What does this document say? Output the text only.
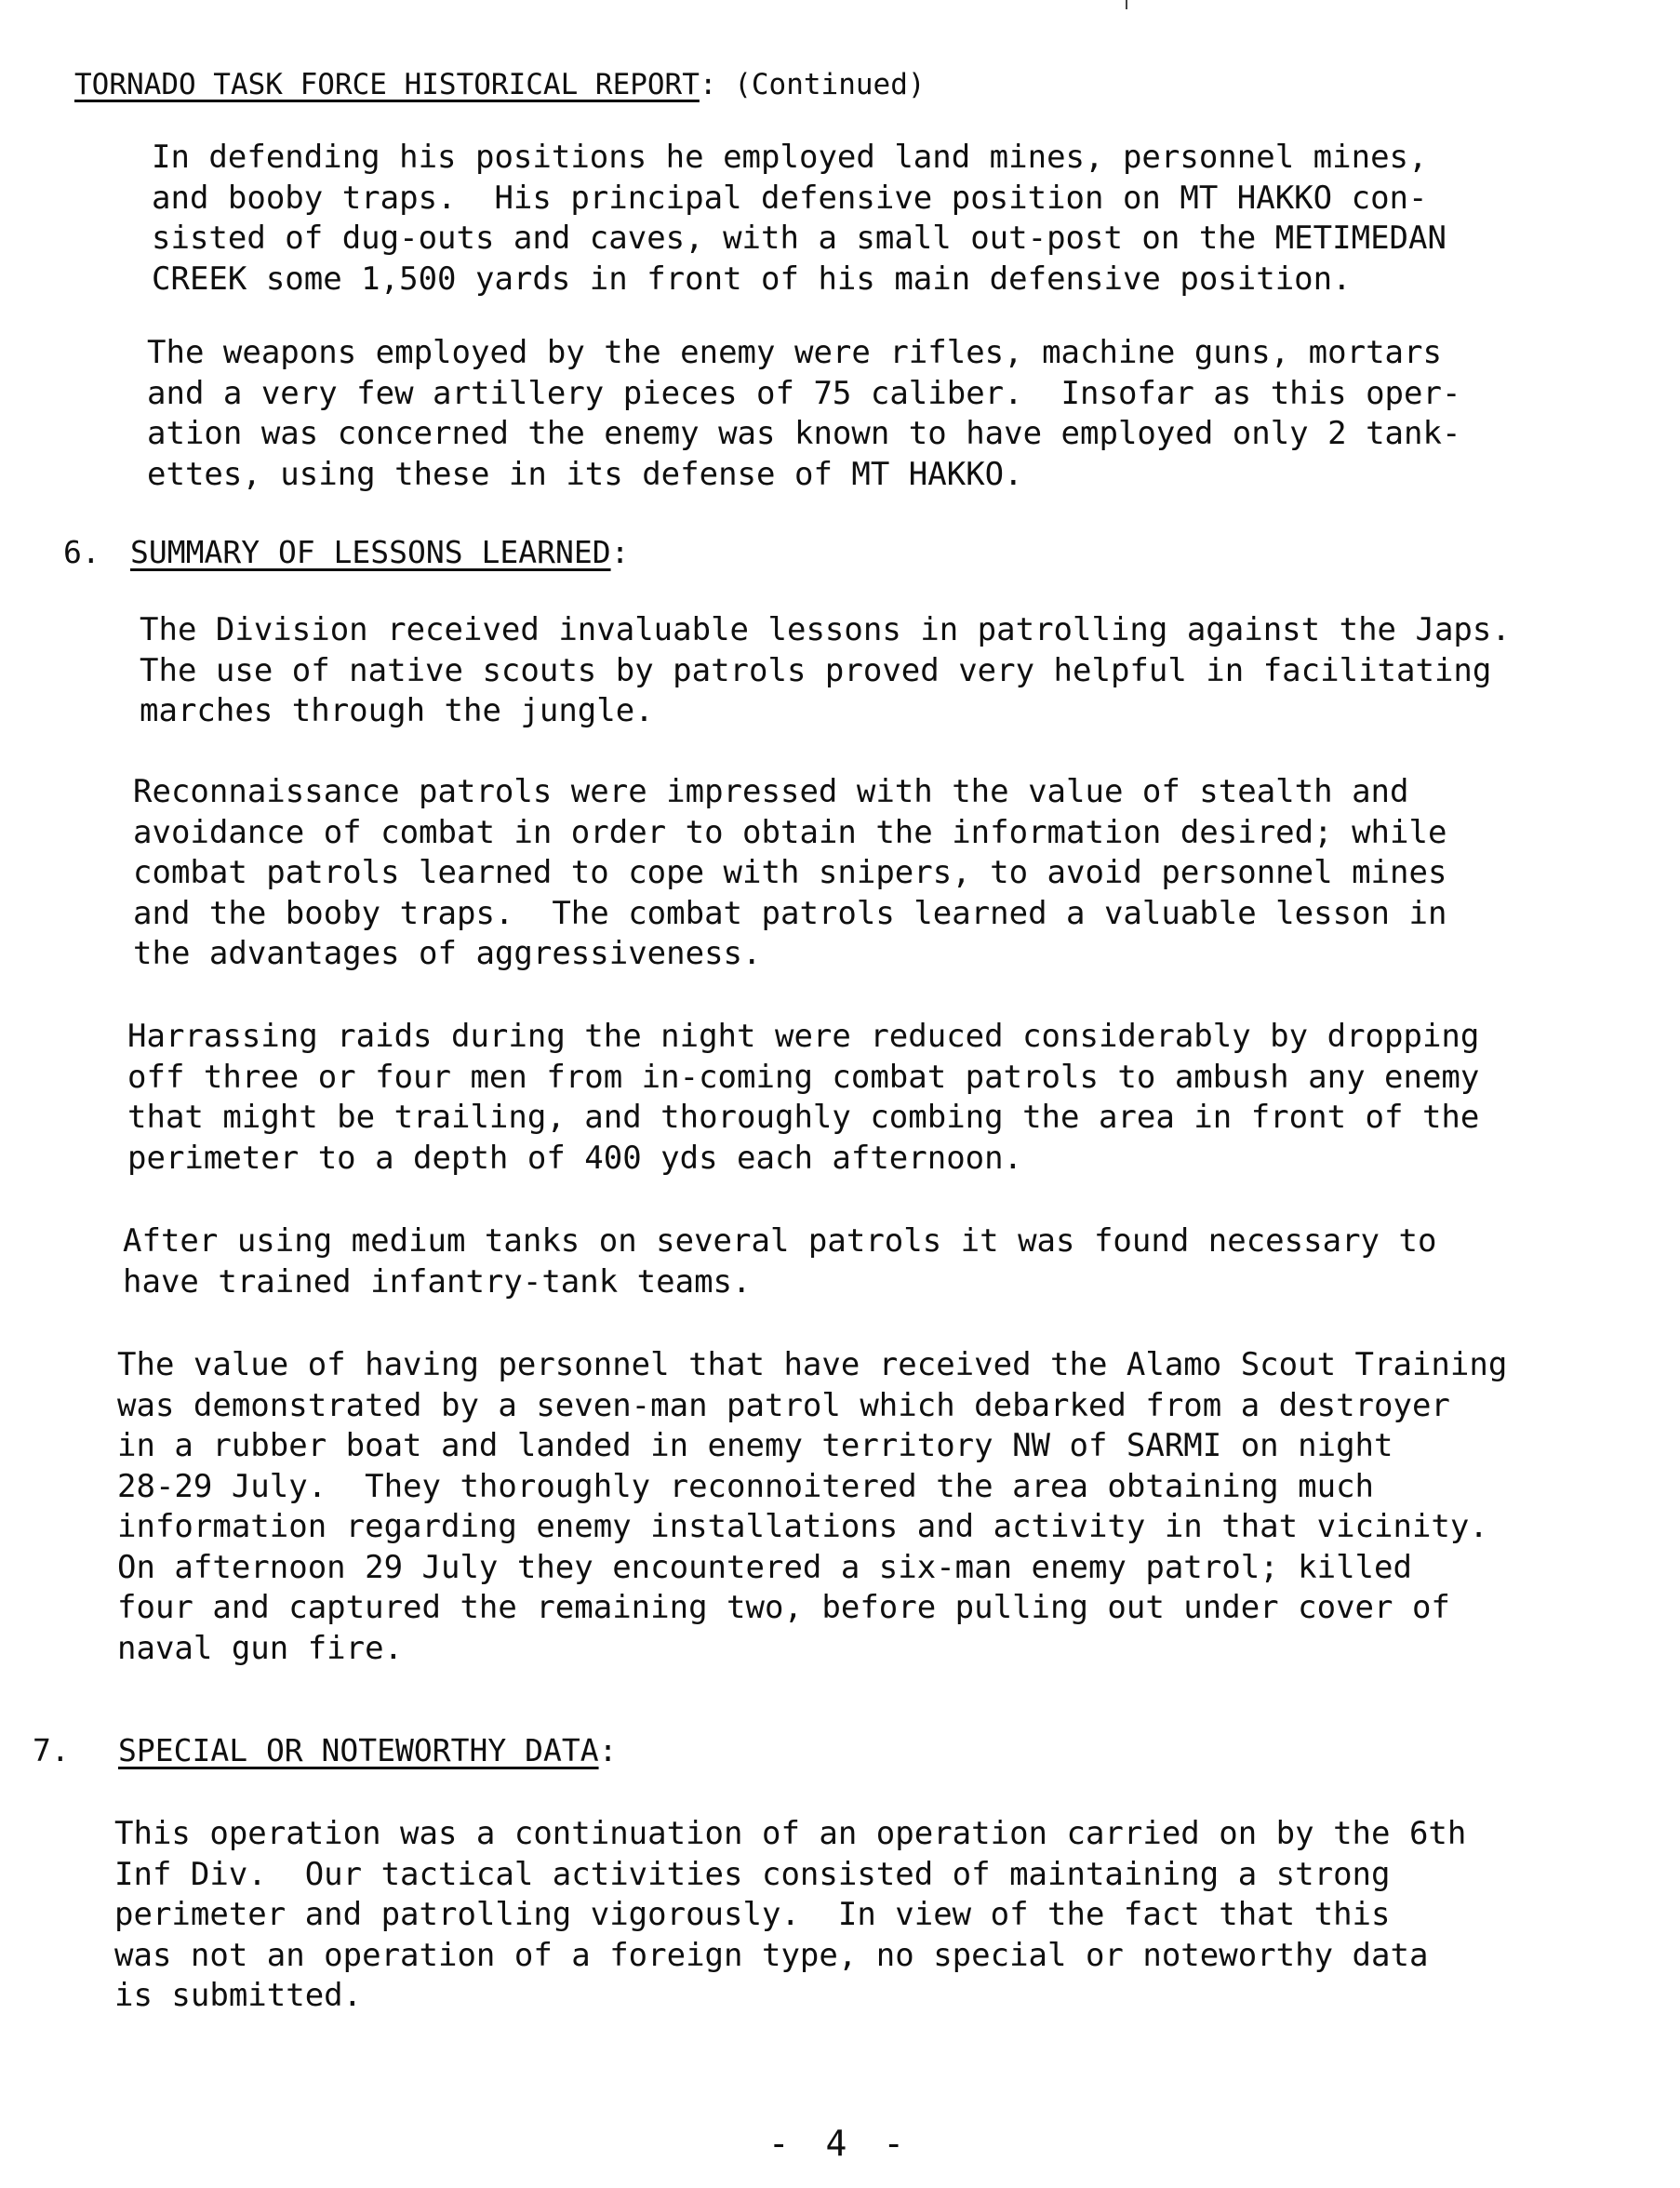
TORNADO TASK FORCE HISTORICAL REPORT: (Continued)
In defending his positions he employed land mines, personnel mines,
and booby traps.  His principal defensive position on MT HAKKO con-
sisted of dug-outs and caves, with a small out-post on the METIMEDAN
CREEK some 1,500 yards in front of his main defensive position.
The weapons employed by the enemy were rifles, machine guns, mortars
and a very few artillery pieces of 75 caliber.  Insofar as this oper-
ation was concerned the enemy was known to have employed only 2 tank-
ettes, using these in its defense of MT HAKKO.
6. SUMMARY OF LESSONS LEARNED:
The Division received invaluable lessons in patrolling against the Japs.
The use of native scouts by patrols proved very helpful in facilitating
marches through the jungle.
Reconnaissance patrols were impressed with the value of stealth and
avoidance of combat in order to obtain the information desired; while
combat patrols learned to cope with snipers, to avoid personnel mines
and the booby traps.  The combat patrols learned a valuable lesson in
the advantages of aggressiveness.
Harrassing raids during the night were reduced considerably by dropping
off three or four men from in-coming combat patrols to ambush any enemy
that might be trailing, and thoroughly combing the area in front of the
perimeter to a depth of 400 yds each afternoon.
After using medium tanks on several patrols it was found necessary to
have trained infantry-tank teams.
The value of having personnel that have received the Alamo Scout Training
was demonstrated by a seven-man patrol which debarked from a destroyer
in a rubber boat and landed in enemy territory NW of SARMI on night
28-29 July.  They thoroughly reconnoitered the area obtaining much
information regarding enemy installations and activity in that vicinity.
On afternoon 29 July they encountered a six-man enemy patrol; killed
four and captured the remaining two, before pulling out under cover of
naval gun fire.
7. SPECIAL OR NOTEWORTHY DATA:
This operation was a continuation of an operation carried on by the 6th
Inf Div.  Our tactical activities consisted of maintaining a strong
perimeter and patrolling vigorously.  In view of the fact that this
was not an operation of a foreign type, no special or noteworthy data
is submitted.
- 4 -
